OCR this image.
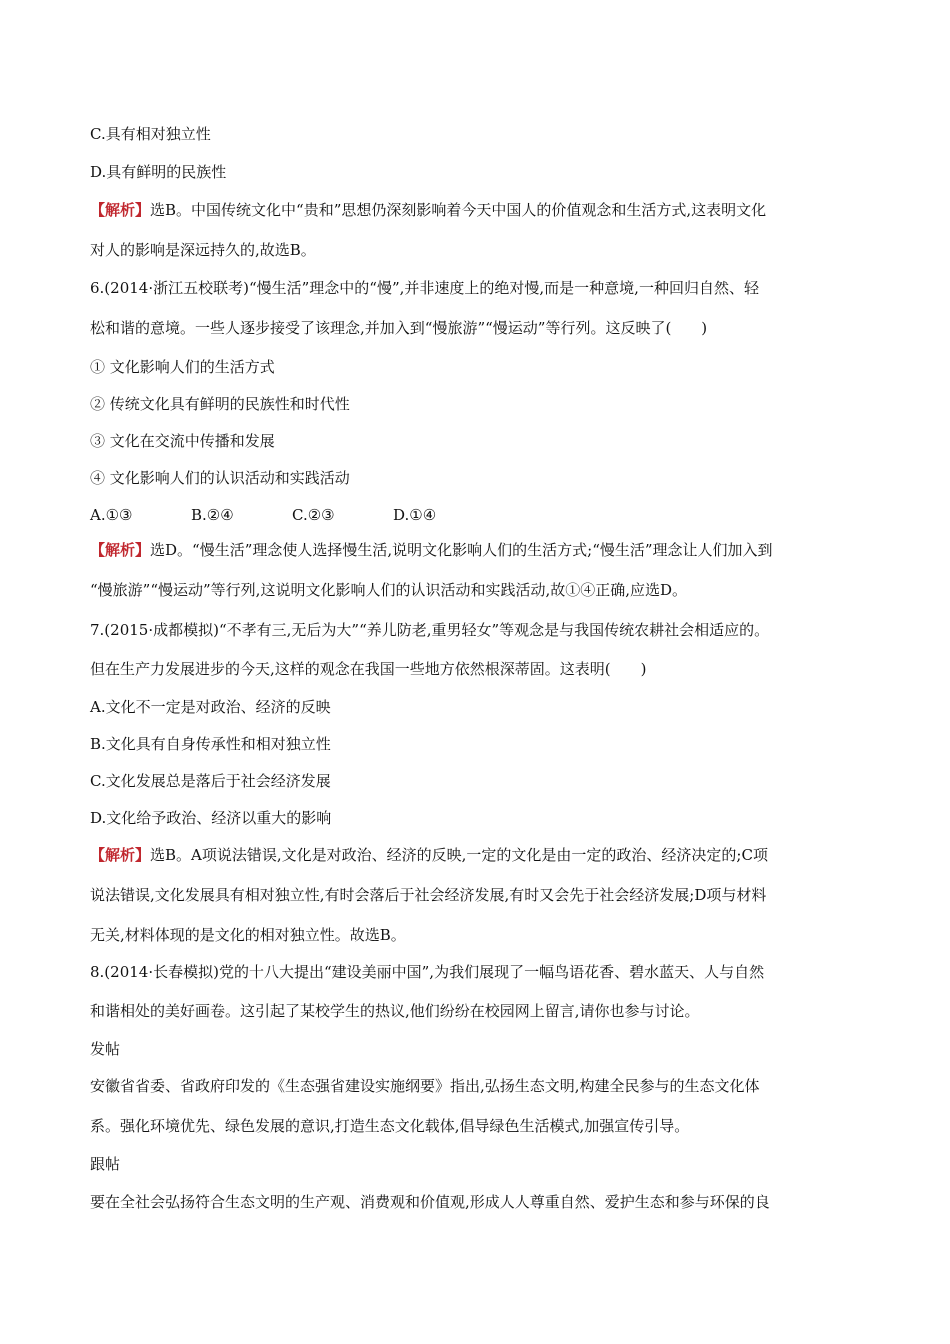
C.具有相对独立性
D.具有鲜明的民族性
【解析】选B。中国传统文化中“贵和”思想仍深刻影响着今天中国人的价值观念和生活方式,这表明文化
对人的影响是深远持久的,故选B。
6.(2014·浙江五校联考)“慢生活”理念中的“慢”,并非速度上的绝对慢,而是一种意境,一种回归自然、轻
松和谐的意境。一些人逐步接受了该理念,并加入到“慢旅游”“慢运动”等行列。这反映了(　　)
① 文化影响人们的生活方式
② 传统文化具有鲜明的民族性和时代性
③ 文化在交流中传播和发展
④ 文化影响人们的认识活动和实践活动
A.①③	B.②④	C.②③	D.①④
【解析】选D。“慢生活”理念使人选择慢生活,说明文化影响人们的生活方式;“慢生活”理念让人们加入到
“慢旅游”“慢运动”等行列,这说明文化影响人们的认识活动和实践活动,故①④正确,应选D。
7.(2015·成都模拟)“不孝有三,无后为大”“养儿防老,重男轻女”等观念是与我国传统农耕社会相适应的。
但在生产力发展进步的今天,这样的观念在我国一些地方依然根深蒂固。这表明(　　)
A.文化不一定是对政治、经济的反映
B.文化具有自身传承性和相对独立性
C.文化发展总是落后于社会经济发展
D.文化给予政治、经济以重大的影响
【解析】选B。A项说法错误,文化是对政治、经济的反映,一定的文化是由一定的政治、经济决定的;C项
说法错误,文化发展具有相对独立性,有时会落后于社会经济发展,有时又会先于社会经济发展;D项与材料
无关,材料体现的是文化的相对独立性。故选B。
8.(2014·长春模拟)党的十八大提出“建设美丽中国”,为我们展现了一幅鸟语花香、碧水蓝天、人与自然
和谐相处的美好画卷。这引起了某校学生的热议,他们纷纷在校园网上留言,请你也参与讨论。
发帖
安徽省省委、省政府印发的《生态强省建设实施纲要》指出,弘扬生态文明,构建全民参与的生态文化体
系。强化环境优先、绿色发展的意识,打造生态文化载体,倡导绿色生活模式,加强宣传引导。
跟帖
要在全社会弘扬符合生态文明的生产观、消费观和价值观,形成人人尊重自然、爱护生态和参与环保的良
